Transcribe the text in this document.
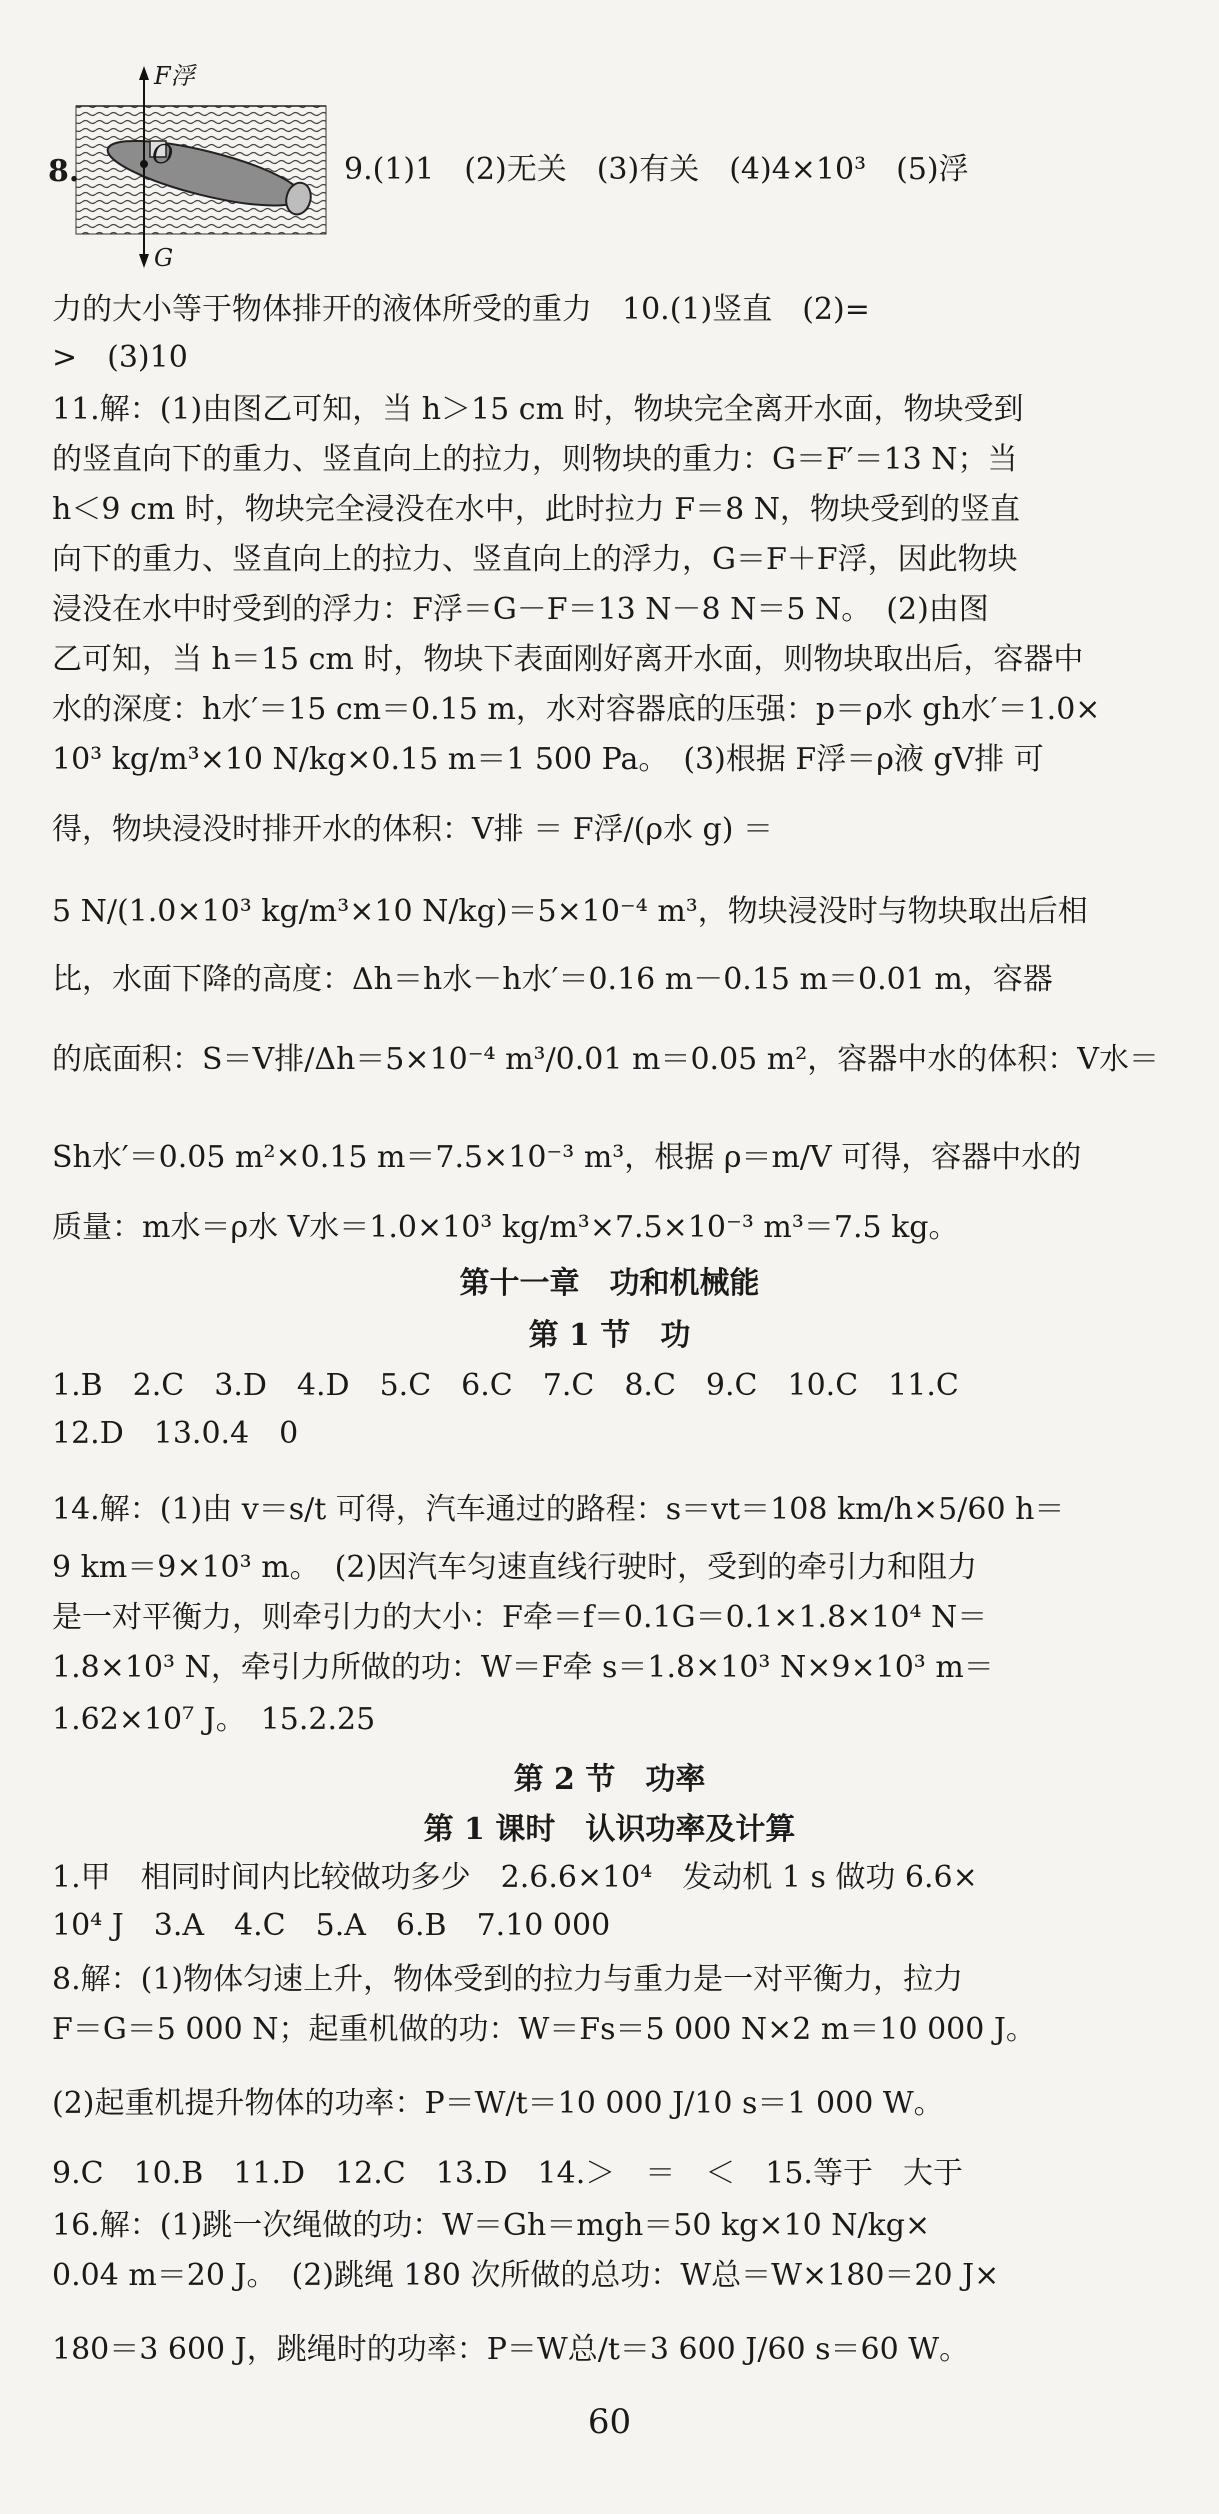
8.
F浮
O
G
9.(1)1　(2)无关　(3)有关　(4)4×10³　(5)浮
力的大小等于物体排开的液体所受的重力　10.(1)竖直　(2)=
>　(3)10
11.解：(1)由图乙可知，当 h＞15 cm 时，物块完全离开水面，物块受到
的竖直向下的重力、竖直向上的拉力，则物块的重力：G＝F′＝13 N；当
h＜9 cm 时，物块完全浸没在水中，此时拉力 F＝8 N，物块受到的竖直
向下的重力、竖直向上的拉力、竖直向上的浮力，G＝F＋F浮，因此物块
浸没在水中时受到的浮力：F浮＝G－F＝13 N－8 N＝5 N。　(2)由图
乙可知，当 h＝15 cm 时，物块下表面刚好离开水面，则物块取出后，容器中
水的深度：h水′＝15 cm＝0.15 m，水对容器底的压强：p＝ρ水 gh水′＝1.0×
10³ kg/m³×10 N/kg×0.15 m＝1 500 Pa。　(3)根据 F浮＝ρ液 gV排 可
得，物块浸没时排开水的体积：V排 ＝ F浮/(ρ水 g) ＝
5 N/(1.0×10³ kg/m³×10 N/kg)＝5×10⁻⁴ m³，物块浸没时与物块取出后相
比，水面下降的高度：Δh＝h水－h水′＝0.16 m－0.15 m＝0.01 m，容器
的底面积：S＝V排/Δh＝5×10⁻⁴ m³/0.01 m＝0.05 m²，容器中水的体积：V水＝
Sh水′＝0.05 m²×0.15 m＝7.5×10⁻³ m³，根据 ρ＝m/V 可得，容器中水的
质量：m水＝ρ水 V水＝1.0×10³ kg/m³×7.5×10⁻³ m³＝7.5 kg。
第十一章　功和机械能
第 1 节　功
1.B　2.C　3.D　4.D　5.C　6.C　7.C　8.C　9.C　10.C　11.C
12.D　13.0.4　0
14.解：(1)由 v＝s/t 可得，汽车通过的路程：s＝vt＝108 km/h×5/60 h＝
9 km＝9×10³ m。　(2)因汽车匀速直线行驶时，受到的牵引力和阻力
是一对平衡力，则牵引力的大小：F牵＝f＝0.1G＝0.1×1.8×10⁴ N＝
1.8×10³ N，牵引力所做的功：W＝F牵 s＝1.8×10³ N×9×10³ m＝
1.62×10⁷ J。　15.2.25
第 2 节　功率
第 1 课时　认识功率及计算
1.甲　相同时间内比较做功多少　2.6.6×10⁴　发动机 1 s 做功 6.6×
10⁴ J　3.A　4.C　5.A　6.B　7.10 000
8.解：(1)物体匀速上升，物体受到的拉力与重力是一对平衡力，拉力
F＝G＝5 000 N；起重机做的功：W＝Fs＝5 000 N×2 m＝10 000 J。
(2)起重机提升物体的功率：P＝W/t＝10 000 J/10 s＝1 000 W。
9.C　10.B　11.D　12.C　13.D　14.＞　＝　＜　15.等于　大于
16.解：(1)跳一次绳做的功：W＝Gh＝mgh＝50 kg×10 N/kg×
0.04 m＝20 J。　(2)跳绳 180 次所做的总功：W总＝W×180＝20 J×
180＝3 600 J，跳绳时的功率：P＝W总/t＝3 600 J/60 s＝60 W。
60
